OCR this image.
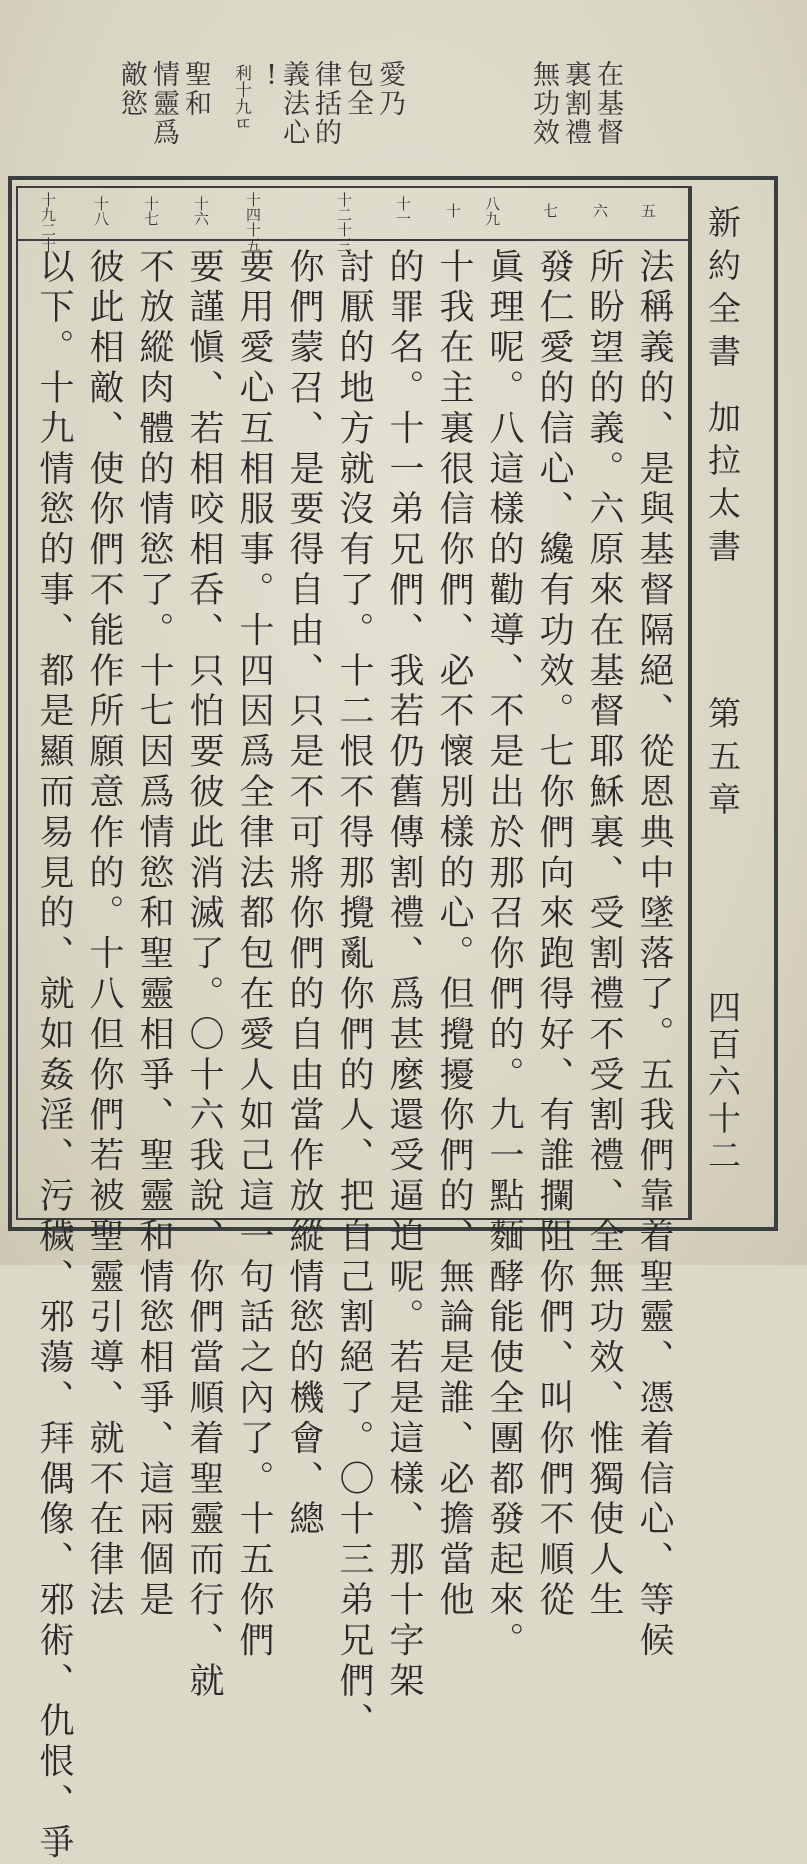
在基督
裏割禮
無功效
愛乃
包全
律括的
義法心
!
利十九ㄸ
聖和
情靈爲
敵慾
五
六
七
八九
十
十一
十二十三
十四十五
十六
十七
十八
十九二十
法稱義的、是與基督隔絕、從恩典中墜落了。五我們靠着聖靈、憑着信心、等候
所盼望的義。六原來在基督耶穌裏、受割禮不受割禮、全無功效、惟獨使人生
發仁愛的信心、纔有功效。七你們向來跑得好、有誰攔阻你們、叫你們不順從
眞理呢。八這樣的勸導、不是出於那召你們的。九一點麵酵能使全團都發起來。
十我在主裏很信你們、必不懷別樣的心。但攪擾你們的、無論是誰、必擔當他
的罪名。十一弟兄們、我若仍舊傳割禮、爲甚麼還受逼迫呢。若是這樣、那十字架
討厭的地方就沒有了。十二恨不得那攪亂你們的人、把自己割絕了。〇十三弟兄們、
你們蒙召、是要得自由、只是不可將你們的自由當作放縱情慾的機會、總
要用愛心互相服事。十四因爲全律法都包在愛人如己這一句話之內了。十五你們
要謹愼、若相咬相呑、只怕要彼此消滅了。〇十六我說、你們當順着聖靈而行、就
不放縱肉體的情慾了。十七因爲情慾和聖靈相爭、聖靈和情慾相爭、這兩個是
彼此相敵、使你們不能作所願意作的。十八但你們若被聖靈引導、就不在律法
以下。十九情慾的事、都是顯而易見的、就如姦淫、污穢、邪蕩、拜偶像、邪術、仇恨、爭	新約全書
加拉太書
第五章
四百六十二
